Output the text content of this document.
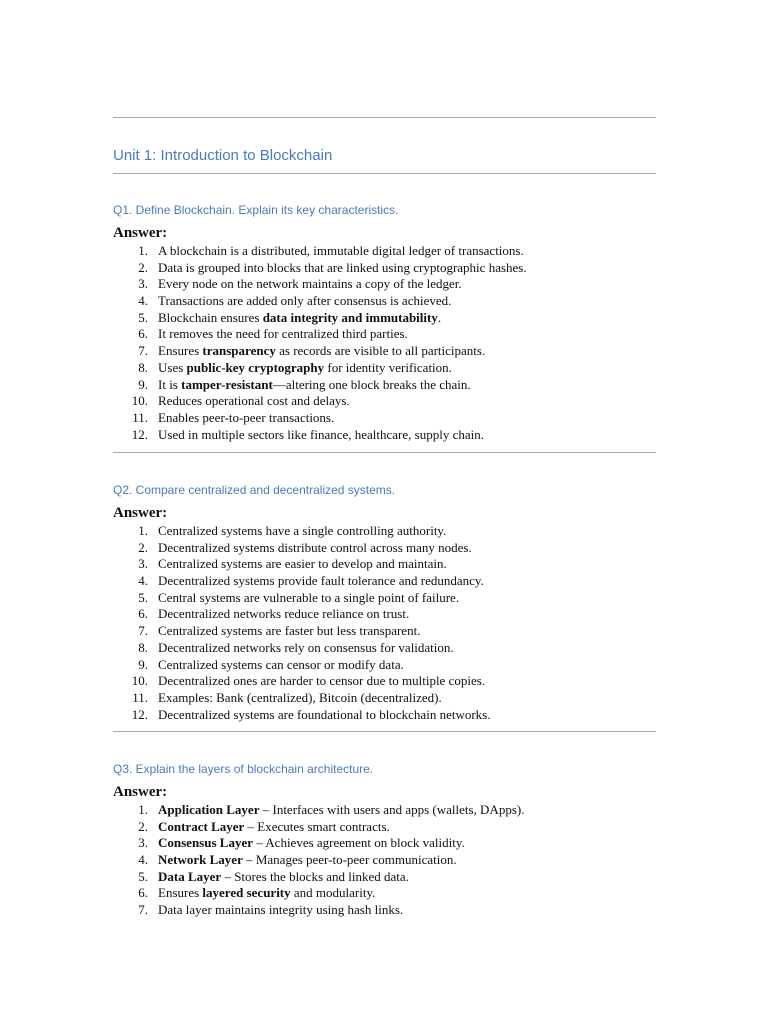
Unit 1: Introduction to Blockchain
Q1. Define Blockchain. Explain its key characteristics.

Answer:

1. A blockchain is a distributed, immutable digital ledger of transactions.
2. Data is grouped into blocks that are linked using cryptographic hashes.
3. Every node on the network maintains a copy of the ledger.
4. Transactions are added only after consensus is achieved.
5. Blockchain ensures data integrity and immutability.
6. It removes the need for centralized third parties.
7. Ensures transparency as records are visible to all participants.
8. Uses public-key cryptography for identity verification.
9. It is tamper-resistant—altering one block breaks the chain.
10. Reduces operational cost and delays.
11. Enables peer-to-peer transactions.
12. Used in multiple sectors like finance, healthcare, supply chain.
Q2. Compare centralized and decentralized systems.

Answer:

1. Centralized systems have a single controlling authority.
2. Decentralized systems distribute control across many nodes.
3. Centralized systems are easier to develop and maintain.
4. Decentralized systems provide fault tolerance and redundancy.
5. Central systems are vulnerable to a single point of failure.
6. Decentralized networks reduce reliance on trust.
7. Centralized systems are faster but less transparent.
8. Decentralized networks rely on consensus for validation.
9. Centralized systems can censor or modify data.
10. Decentralized ones are harder to censor due to multiple copies.
11. Examples: Bank (centralized), Bitcoin (decentralized).
12. Decentralized systems are foundational to blockchain networks.
Q3. Explain the layers of blockchain architecture.

Answer:

1. Application Layer – Interfaces with users and apps (wallets, DApps).
2. Contract Layer – Executes smart contracts.
3. Consensus Layer – Achieves agreement on block validity.
4. Network Layer – Manages peer-to-peer communication.
5. Data Layer – Stores the blocks and linked data.
6. Ensures layered security and modularity.
7. Data layer maintains integrity using hash links.
